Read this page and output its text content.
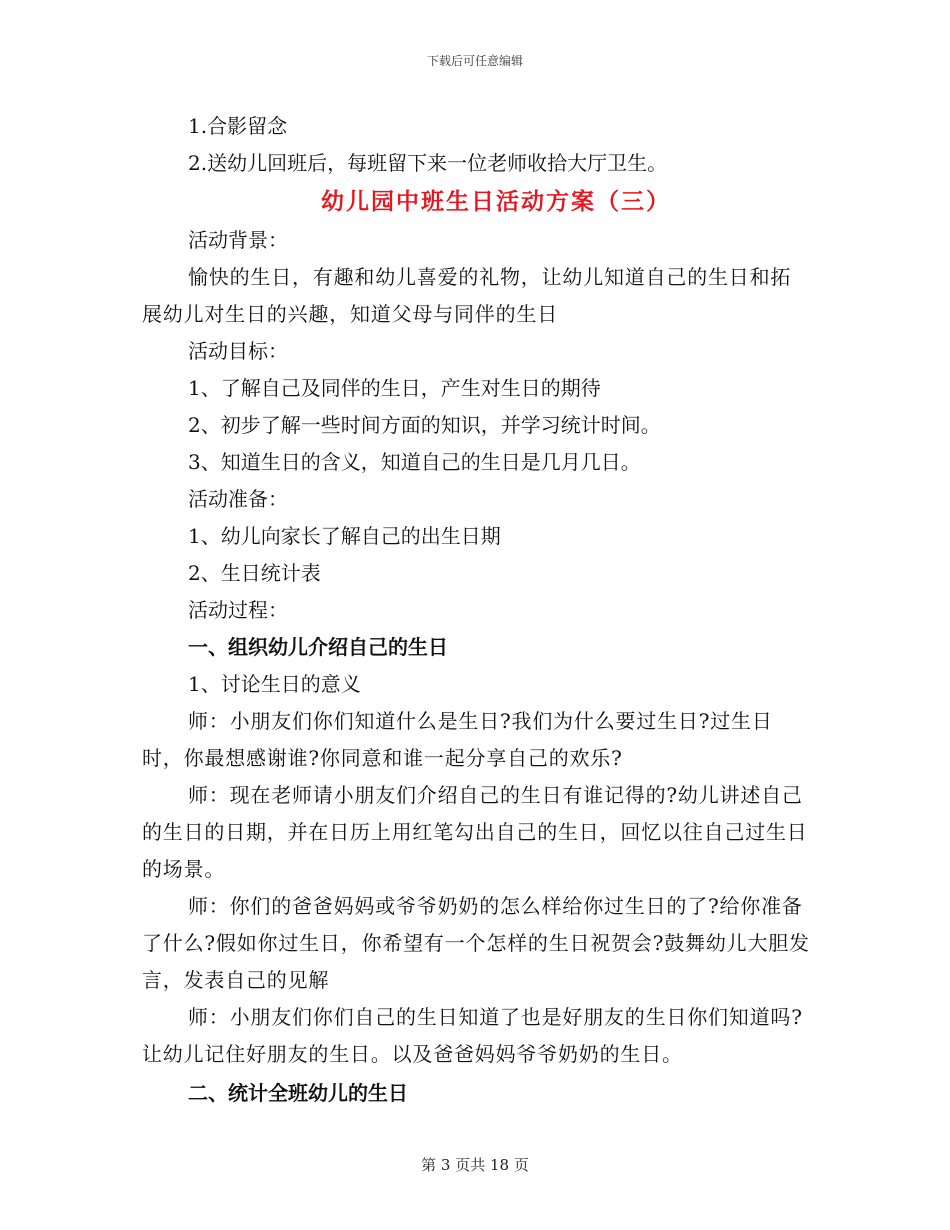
下载后可任意编辑
1.合影留念
2.送幼儿回班后，每班留下来一位老师收拾大厅卫生。
幼儿园中班生日活动方案（三）
活动背景：
愉快的生日，有趣和幼儿喜爱的礼物，让幼儿知道自己的生日和拓展幼儿对生日的兴趣，知道父母与同伴的生日
活动目标：
1、了解自己及同伴的生日，产生对生日的期待
2、初步了解一些时间方面的知识，并学习统计时间。
3、知道生日的含义，知道自己的生日是几月几日。
活动准备：
1、幼儿向家长了解自己的出生日期
2、生日统计表
活动过程：
一、组织幼儿介绍自己的生日
1、讨论生日的意义
师：小朋友们你们知道什么是生日?我们为什么要过生日?过生日时，你最想感谢谁?你同意和谁一起分享自己的欢乐?
师：现在老师请小朋友们介绍自己的生日有谁记得的?幼儿讲述自己的生日的日期，并在日历上用红笔勾出自己的生日，回忆以往自己过生日的场景。
师：你们的爸爸妈妈或爷爷奶奶的怎么样给你过生日的了?给你准备了什么?假如你过生日，你希望有一个怎样的生日祝贺会?鼓舞幼儿大胆发言，发表自己的见解
师：小朋友们你们自己的生日知道了也是好朋友的生日你们知道吗?让幼儿记住好朋友的生日。以及爸爸妈妈爷爷奶奶的生日。
二、统计全班幼儿的生日
第 3 页共 18 页
